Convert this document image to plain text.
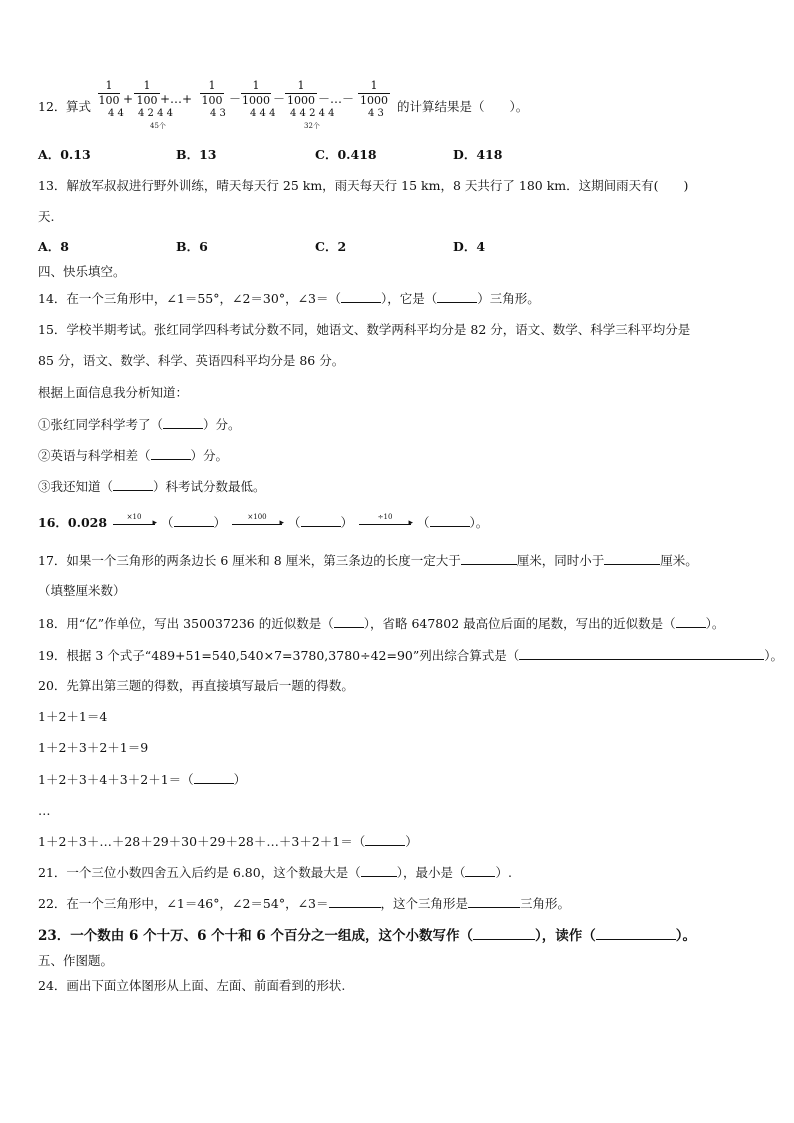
12． 算式
1
100 +
1
100 +…+
1
100 －
1
1000 －
1
1000 －…－
1
1000
4 4 4 2 4 4	4 3 4 4 4 4 4 2 4 4	4 3
45个	32个
的计算结果是（　　）。
A．0.13	B．13	C．0.418	D．418
13．解放军叔叔进行野外训练，晴天每天行 25 km，雨天每天行 15 km，8 天共行了 180 km．这期间雨天有(　　)
天.
A．8	B．6	C．2	D．4
四、快乐填空。
14．在一个三角形中，∠1＝55°，∠2＝30°，∠3＝（	），它是（	）三角形。
15．学校半期考试。张红同学四科考试分数不同，她语文、数学两科平均分是 82 分，语文、数学、科学三科平均分是
85 分，语文、数学、科学、英语四科平均分是 86 分。
根据上面信息我分析知道：
①张红同学科学考了（	）分。
②英语与科学相差（	）分。
③我还知道（	）科考试分数最低。
16．0.028	×10
▸ （	）	×100
▸ （	）	÷10
▸ （	）。
17．如果一个三角形的两条边长 6 厘米和 8 厘米，第三条边的长度一定大于	厘米，同时小于	厘米。
（填整厘米数）
18．用“亿”作单位，写出 350037236 的近似数是（ ），省略 647802 最高位后面的尾数，写出的近似数是（ ）。
19．根据 3 个式子“489+51=540,540×7=3780,3780÷42=90”列出综合算式是（	）。
20．先算出第三题的得数，再直接填写最后一题的得数。
1＋2＋1＝4
1＋2＋3＋2＋1＝9
1＋2＋3＋4＋3＋2＋1＝（	）
…
1＋2＋3＋…＋28＋29＋30＋29＋28＋…＋3＋2＋1＝（	）
21．一个三位小数四舍五入后约是 6.80，这个数最大是（	），最小是（ ）.
22．在一个三角形中，∠1＝46°，∠2＝54°，∠3＝	，这个三角形是	三角形。
23．一个数由 6 个十万、6 个十和 6 个百分之一组成，这个小数写作（	），读作（	）。
五、作图题。
24．画出下面立体图形从上面、左面、前面看到的形状.
